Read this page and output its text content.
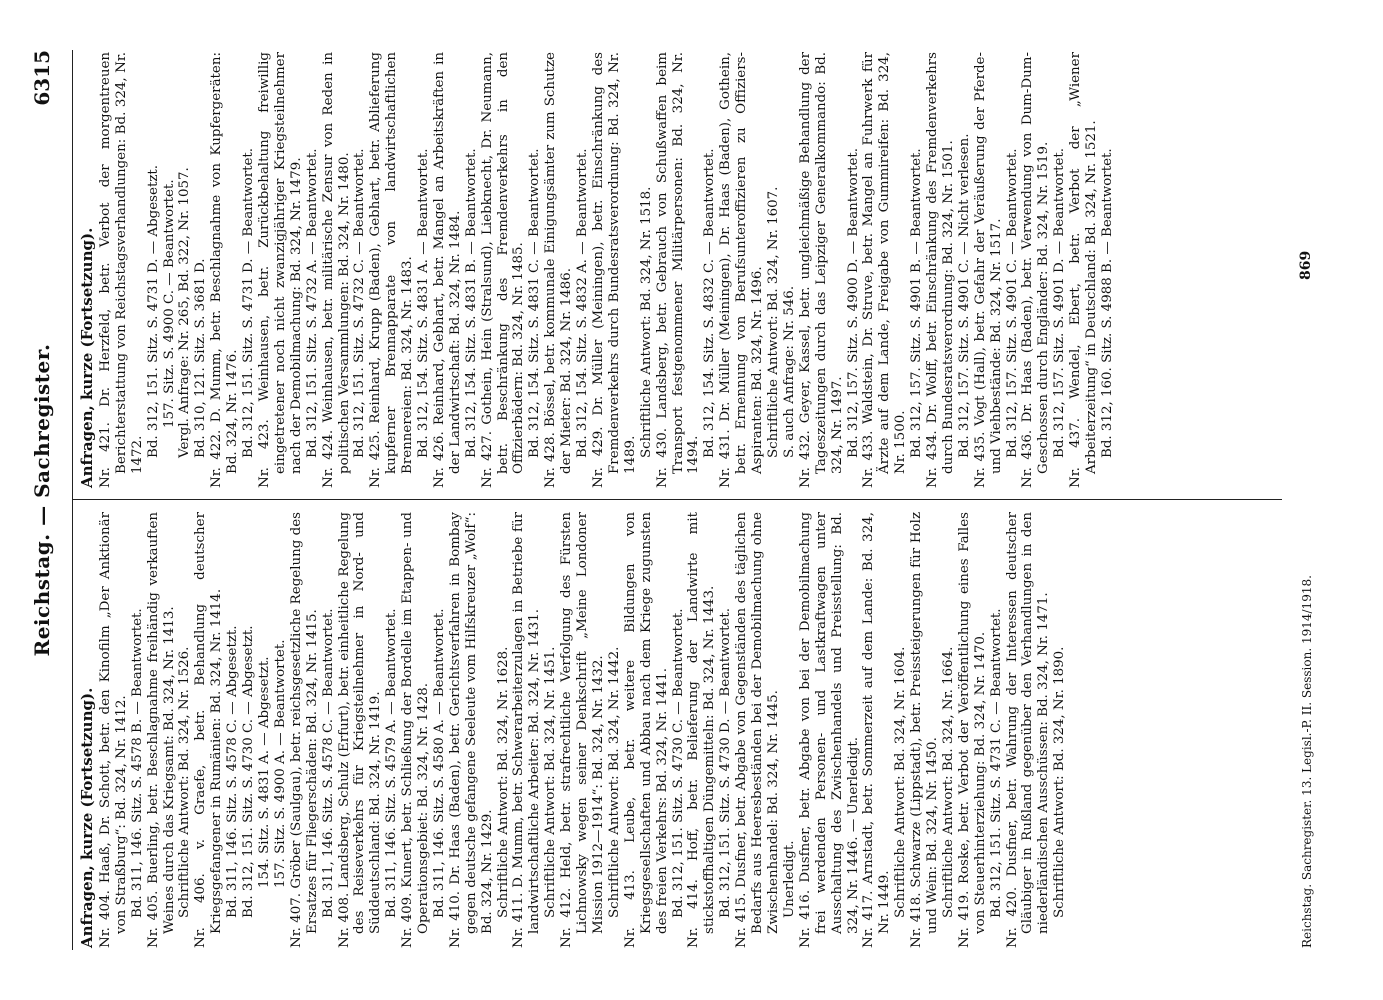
Reichstag. — Sachregister.
6315

Anfragen, kurze (Fortsetzung). Nr. 404. Haaß, Dr. Schott, betr. den Kinofilm „Der Anktionär von Straßburg“: Bd. 324, Nr. 1412. Bd. 311, 146. Sitz. S. 4578 B. — Beantwortet. Nr. 405. Buerling, betr. Beschlagnahme freihändig verkauften Weines durch das Kriegsamt: Bd. 324, Nr. 1413. Schriftliche Antwort: Bd. 324, Nr. 1526. Nr. 406. v. Graefe, betr. Behandlung deutscher Kriegsgefangener in Rumänien: Bd. 324, Nr. 1414. Bd. 311, 146. Sitz. S. 4578 C. — Abgesetzt. Bd. 312, 151. Sitz. S. 4730 C. — Abgesetzt. 154. Sitz. S. 4831 A. — Abgesetzt. 157. Sitz. S. 4900 A. — Beantwortet. Nr. 407. Gröber (Saulgau), betr. reichsgesetzliche Regelung des Ersatzes für Fliegerschäden: Bd. 324, Nr. 1415. Bd. 311, 146. Sitz. S. 4578 C. — Beantwortet. Nr. 408. Landsberg, Schulz (Erfurt), betr. einheitliche Regelung des Reiseverkehrs für Kriegsteilnehmer in Nord- und Süddeutschland: Bd. 324, Nr. 1419. Bd. 311, 146. Sitz. S. 4579 A. — Beantwortet. Nr. 409. Kunert, betr. Schließung der Bordelle im Etappen- und Operationsgebiet: Bd. 324, Nr. 1428. Bd. 311, 146. Sitz. S. 4580 A. — Beantwortet. Nr. 410. Dr. Haas (Baden), betr. Gerichtsverfahren in Bombay gegen deutsche gefangene Seeleute vom Hilfskreuzer „Wolf“: Bd. 324, Nr. 1429. Schriftliche Antwort: Bd. 324, Nr. 1628. Nr. 411. D. Mumm, betr. Schwerarbeiterzulagen in Betriebe für landwirtschaftliche Arbeiter: Bd. 324, Nr. 1431. Schriftliche Antwort: Bd. 324, Nr. 1451. Nr. 412. Held, betr. strafrechtliche Verfolgung des Fürsten Lichnowsky wegen seiner Denkschrift „Meine Londoner Mission 1912—1914“: Bd. 324, Nr. 1432. Schriftliche Antwort: Bd. 324, Nr. 1442. Nr. 413. Leube, betr. weitere Bildungen von Kriegsgesellschaften und Abbau nach dem Kriege zugunsten des freien Verkehrs: Bd. 324, Nr. 1441. Bd. 312, 151. Sitz. S. 4730 C. — Beantwortet. Nr. 414. Hoff, betr. Belieferung der Landwirte mit stickstoffhaltigen Düngemitteln: Bd. 324, Nr. 1443. Bd. 312, 151. Sitz. S. 4730 D. — Beantwortet. Nr. 415. Dusfner, betr. Abgabe von Gegenständen des täglichen Bedarfs aus Heeresbeständen bei der Demobilmachung ohne Zwischenhandel: Bd. 324, Nr. 1445. Unerledigt. Nr. 416. Dusfner, betr. Abgabe von bei der Demobilmachung frei werdenden Personen- und Lastkraftwagen unter Ausschaltung des Zwischenhandels und Preisstellung: Bd. 324, Nr. 1446. — Unerledigt. Nr. 417. Arnstadt, betr. Sommerzeit auf dem Lande: Bd. 324, Nr. 1449. Schriftliche Antwort: Bd. 324, Nr. 1604. Nr. 418. Schwarze (Lippstadt), betr. Preissteigerungen für Holz und Wein: Bd. 324, Nr. 1450. Schriftliche Antwort: Bd. 324, Nr. 1664. Nr. 419. Roske, betr. Verbot der Veröffentlichung eines Falles von Steuerhinterziehung: Bd. 324, Nr. 1470. Bd. 312, 151. Sitz. S. 4731 C. — Beantwortet. Nr. 420. Dusfner, betr. Wahrung der Interessen deutscher Gläubiger in Rußland gegenüber den Verhandlungen in den niederländischen Ausschüssen: Bd. 324, Nr. 1471. Schriftliche Antwort: Bd. 324, Nr. 1890.

Anfragen, kurze (Fortsetzung). Nr. 421. Dr. Herzfeld, betr. Verbot der morgentreuen Berichterstattung von Reichstagsverhandlungen: Bd. 324, Nr. 1472. Bd. 312, 151. Sitz. S. 4731 D. — Abgesetzt. 157. Sitz. S. 4900 C. — Beantwortet. Vergl. Anfrage: Nr. 265, Bd. 322, Nr. 1057. Bd. 310, 121. Sitz. S. 3681 D. Nr. 422. D. Mumm, betr. Beschlagnahme von Kupfergeräten: Bd. 324, Nr. 1476. Bd. 312, 151. Sitz. S. 4731 D. — Beantwortet. Nr. 423. Weinhausen, betr. Zurückbehaltung freiwillig eingetretener noch nicht zwanzigjähriger Kriegsteilnehmer nach der Demobilmachung: Bd. 324, Nr. 1479. Bd. 312, 151. Sitz. S. 4732 A. — Beantwortet. Nr. 424. Weinhausen, betr. militärische Zensur von Reden in politischen Versammlungen: Bd. 324, Nr. 1480. Bd. 312, 151. Sitz. S. 4732 C. — Beantwortet. Nr. 425. Reinhard, Krupp (Baden), Gebhart, betr. Ablieferung kupferner Brennapparate von landwirtschaftlichen Brennereien: Bd. 324, Nr. 1483. Bd. 312, 154. Sitz. S. 4831 A. — Beantwortet. Nr. 426. Reinhard, Gebhart, betr. Mangel an Arbeitskräften in der Landwirtschaft: Bd. 324, Nr. 1484. Bd. 312, 154. Sitz. S. 4831 B. — Beantwortet. Nr. 427. Gothein, Hein (Stralsund), Liebknecht, Dr. Neumann, betr. Beschränkung des Fremdenverkehrs in den Offizierbädern: Bd. 324, Nr. 1485. Bd. 312, 154. Sitz. S. 4831 C. — Beantwortet. Nr. 428. Bössel, betr. kommunale Einigungsämter zum Schutze der Mieter: Bd. 324, Nr. 1486. Bd. 312, 154. Sitz. S. 4832 A. — Beantwortet. Nr. 429. Dr. Müller (Meiningen), betr. Einschränkung des Fremdenverkehrs durch Bundesratsverordnung: Bd. 324, Nr. 1489. Schriftliche Antwort: Bd. 324, Nr. 1518. Nr. 430. Landsberg, betr. Gebrauch von Schußwaffen beim Transport festgenommener Militärpersonen: Bd. 324, Nr. 1494. Bd. 312, 154. Sitz. S. 4832 C. — Beantwortet. Nr. 431. Dr. Müller (Meiningen), Dr. Haas (Baden), Gothein, betr. Ernennung von Berufsunteroffizieren zu Offiziers-Aspiranten: Bd. 324, Nr. 1496. Schriftliche Antwort: Bd. 324, Nr. 1607. S. auch Anfrage: Nr. 546. Nr. 432. Geyer, Kassel, betr. ungleichmäßige Behandlung der Tageszeitungen durch das Leipziger Generalkommando: Bd. 324, Nr. 1497. Bd. 312, 157. Sitz. S. 4900 D. — Beantwortet. Nr. 433. Waldstein, Dr. Struve, betr. Mangel an Fuhrwerk für Ärzte auf dem Lande, Freigabe von Gummireifen: Bd. 324, Nr. 1500. Bd. 312, 157. Sitz. S. 4901 B. — Beantwortet. Nr. 434. Dr. Wolff, betr. Einschränkung des Fremdenverkehrs durch Bundesratsverordnung: Bd. 324, Nr. 1501. Bd. 312, 157. Sitz. S. 4901 C. — Nicht verlesen. Nr. 435. Vogt (Hall), betr. Gefahr der Veräußerung der Pferde- und Viehbestände: Bd. 324, Nr. 1517. Bd. 312, 157. Sitz. S. 4901 C. — Beantwortet. Nr. 436. Dr. Haas (Baden), betr. Verwendung von Dum-Dum-Geschossen durch Engländer: Bd. 324, Nr. 1519. Bd. 312, 157. Sitz. S. 4901 D. — Beantwortet. Nr. 437. Wendel, Ebert, betr. Verbot der „Wiener Arbeiterzeitung“ in Deutschland: Bd. 324, Nr. 1521. Bd. 312, 160. Sitz. S. 4988 B. — Beantwortet.

Reichstag. Sachregister. 13. Legisl.-P. II. Session. 1914/1918.
869
